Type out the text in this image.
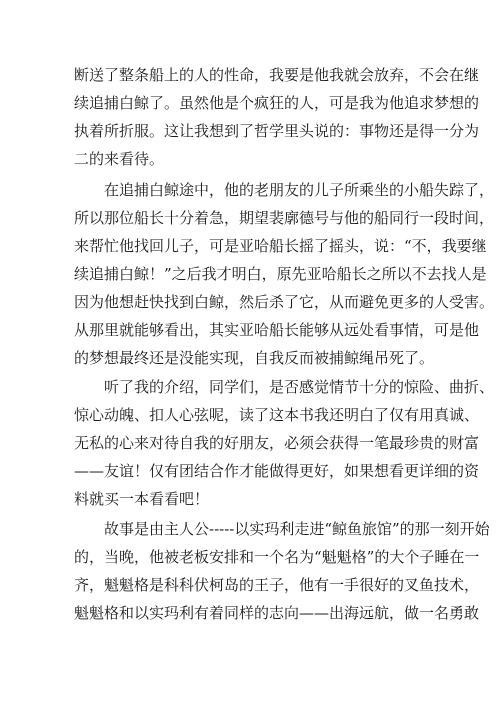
断送了整条船上的人的性命，我要是他我就会放弃，不会在继
续追捕白鲸了。虽然他是个疯狂的人，可是我为他追求梦想的
执着所折服。这让我想到了哲学里头说的：事物还是得一分为
二的来看待。
在追捕白鲸途中，他的老朋友的儿子所乘坐的小船失踪了，
所以那位船长十分着急，期望裴廓德号与他的船同行一段时间，
来帮忙他找回儿子，可是亚哈船长摇了摇头，说：“不，我要继
续追捕白鲸！”之后我才明白，原先亚哈船长之所以不去找人是
因为他想赶快找到白鲸，然后杀了它，从而避免更多的人受害。
从那里就能够看出，其实亚哈船长能够从远处看事情，可是他
的梦想最终还是没能实现，自我反而被捕鲸绳吊死了。
听了我的介绍，同学们，是否感觉情节十分的惊险、曲折、
惊心动魄、扣人心弦呢，读了这本书我还明白了仅有用真诚、
无私的心来对待自我的好朋友，必须会获得一笔最珍贵的财富
——友谊！仅有团结合作才能做得更好，如果想看更详细的资
料就买一本看看吧！
故事是由主人公-----以实玛利走进“鲸鱼旅馆”的那一刻开始
的，当晚，他被老板安排和一个名为“魁魁格”的大个子睡在一
齐，魁魁格是科科伏柯岛的王子，他有一手很好的叉鱼技术，
魁魁格和以实玛利有着同样的志向——出海远航，做一名勇敢
